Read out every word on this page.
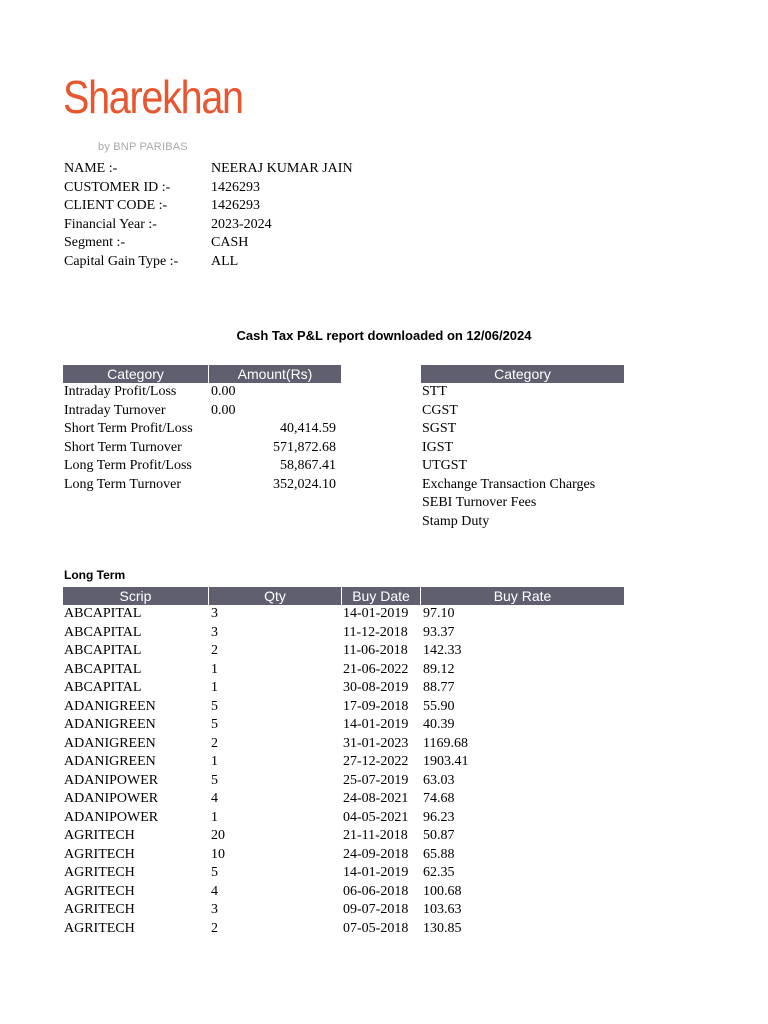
Sharekhan
by BNP PARIBAS
NAME :-	NEERAJ KUMAR JAIN
CUSTOMER ID :-	1426293
CLIENT CODE :-	1426293
Financial Year :-	2023-2024
Segment :-	CASH
Capital Gain Type :-	ALL
Cash Tax P&L report downloaded on 12/06/2024
Category	Amount(Rs)
Intraday Profit/Loss 0.00
Intraday Turnover	0.00
Short Term Profit/Loss	40,414.59
Short Term Turnover	571,872.68
Long Term Profit/Loss	58,867.41
Long Term Turnover	352,024.10
Category
STT
CGST
SGST
IGST
UTGST
Exchange Transaction Charges
SEBI Turnover Fees
Stamp Duty
Long Term
Scrip	Qty	Buy Date	Buy Rate
ABCAPITAL	3	14-01-2019 97.10
ABCAPITAL	3	11-12-2018 93.37
ABCAPITAL	2	11-06-2018 142.33
ABCAPITAL	1	21-06-2022 89.12
ABCAPITAL	1	30-08-2019 88.77
ADANIGREEN	5	17-09-2018 55.90
ADANIGREEN	5	14-01-2019 40.39
ADANIGREEN	2	31-01-2023 1169.68
ADANIGREEN	1	27-12-2022 1903.41
ADANIPOWER	5	25-07-2019 63.03
ADANIPOWER	4	24-08-2021 74.68
ADANIPOWER	1	04-05-2021 96.23
AGRITECH	20	21-11-2018 50.87
AGRITECH	10	24-09-2018 65.88
AGRITECH	5	14-01-2019 62.35
AGRITECH	4	06-06-2018 100.68
AGRITECH	3	09-07-2018 103.63
AGRITECH	2	07-05-2018 130.85
